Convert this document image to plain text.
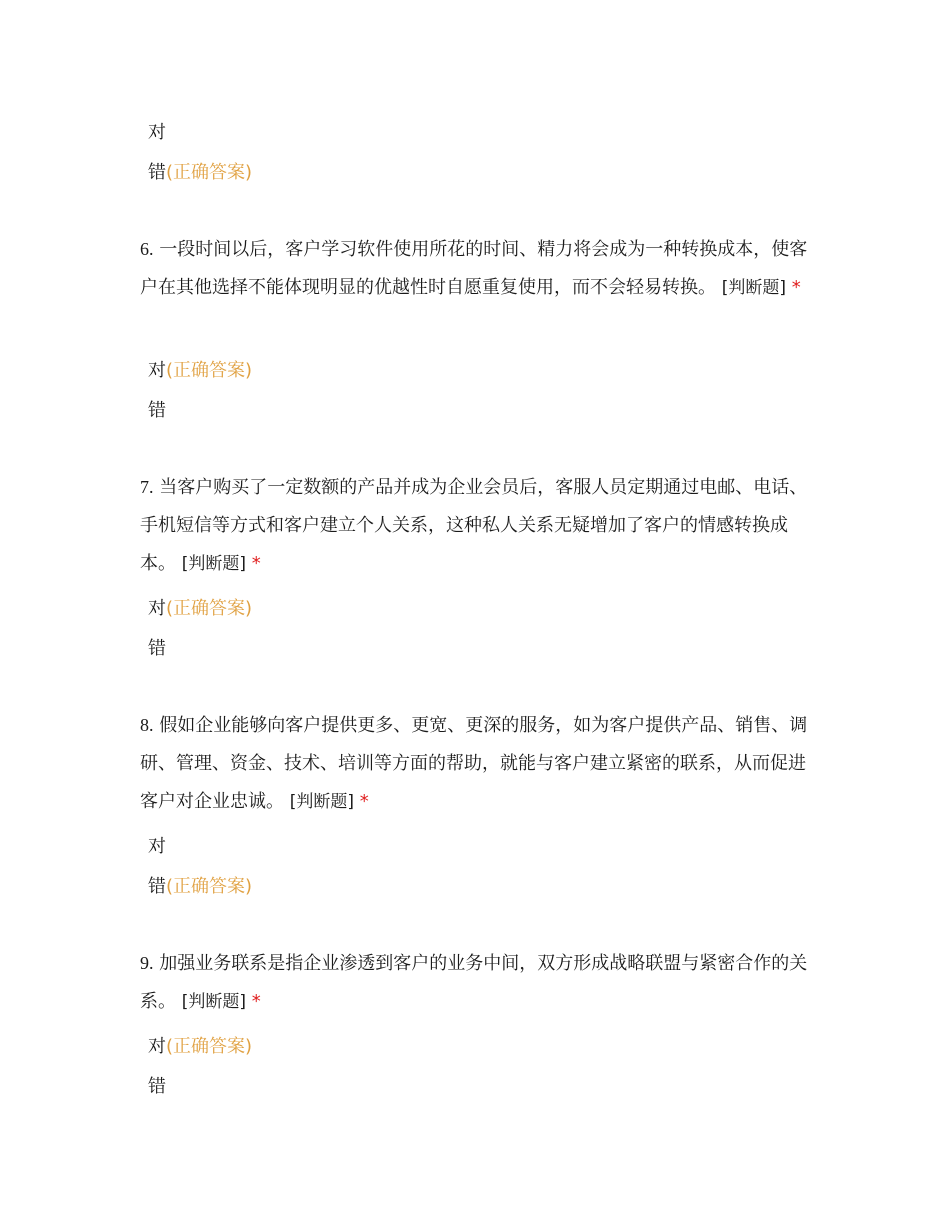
对
错(正确答案)
6. 一段时间以后，客户学习软件使用所花的时间、精力将会成为一种转换成本，使客户在其他选择不能体现明显的优越性时自愿重复使用，而不会轻易转换。 [判断题] *
对(正确答案)
错
7. 当客户购买了一定数额的产品并成为企业会员后，客服人员定期通过电邮、电话、手机短信等方式和客户建立个人关系，这种私人关系无疑增加了客户的情感转换成本。 [判断题] *
对(正确答案)
错
8. 假如企业能够向客户提供更多、更宽、更深的服务，如为客户提供产品、销售、调研、管理、资金、技术、培训等方面的帮助，就能与客户建立紧密的联系，从而促进客户对企业忠诚。 [判断题] *
对
错(正确答案)
9. 加强业务联系是指企业渗透到客户的业务中间，双方形成战略联盟与紧密合作的关系。 [判断题] *
对(正确答案)
错
